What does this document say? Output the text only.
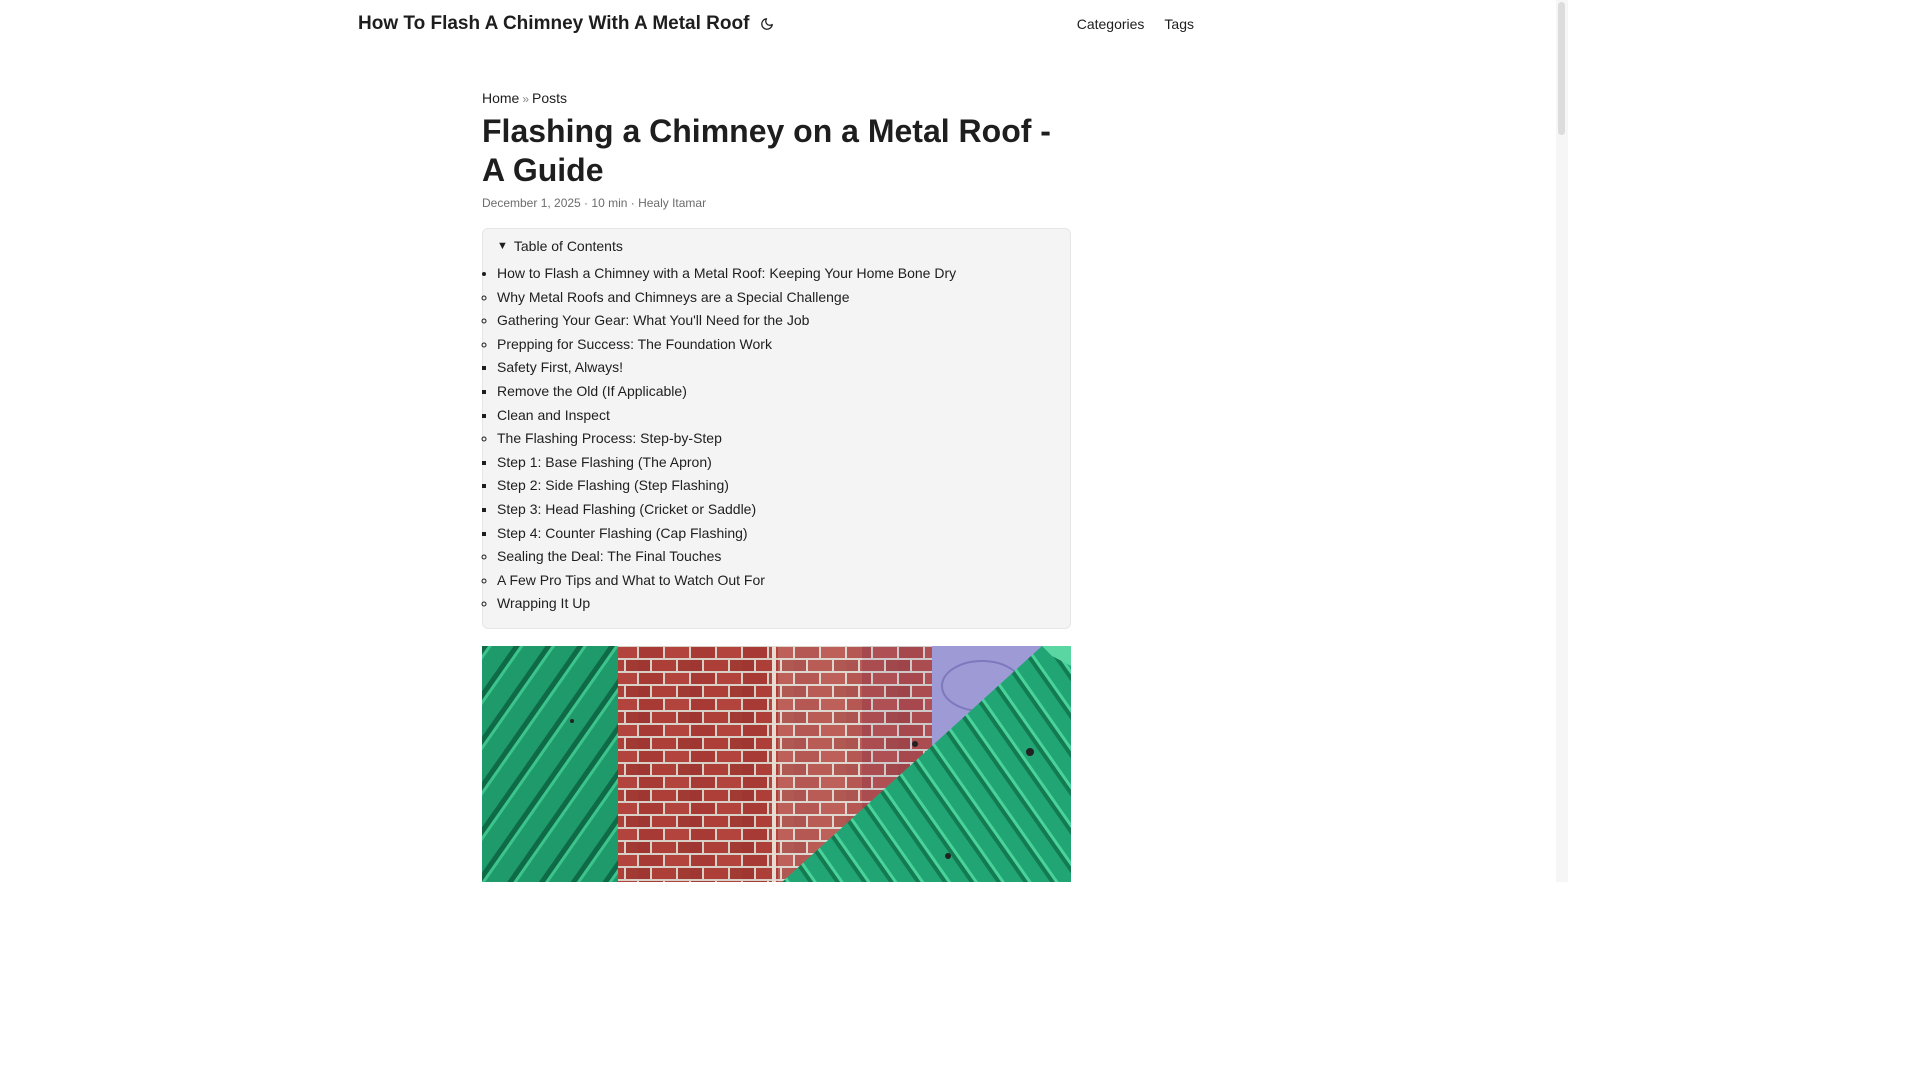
How To Flash A Chimney With A Metal Roof	Categories Tags
Home » Posts
Flashing a Chimney on a Metal Roof - A Guide
December 1, 2025 · 10 min · Healy Itamar
▼ Table of Contents
• How to Flash a Chimney with a Metal Roof: Keeping Your Home Bone Dry
◦ Why Metal Roofs and Chimneys are a Special Challenge
◦ Gathering Your Gear: What You'll Need for the Job
◦ Prepping for Success: The Foundation Work
▪ Safety First, Always!
▪ Remove the Old (If Applicable)
▪ Clean and Inspect
◦ The Flashing Process: Step-by-Step
▪ Step 1: Base Flashing (The Apron)
▪ Step 2: Side Flashing (Step Flashing)
▪ Step 3: Head Flashing (Cricket or Saddle)
▪ Step 4: Counter Flashing (Cap Flashing)
◦ Sealing the Deal: The Final Touches
◦ A Few Pro Tips and What to Watch Out For
◦ Wrapping It Up
